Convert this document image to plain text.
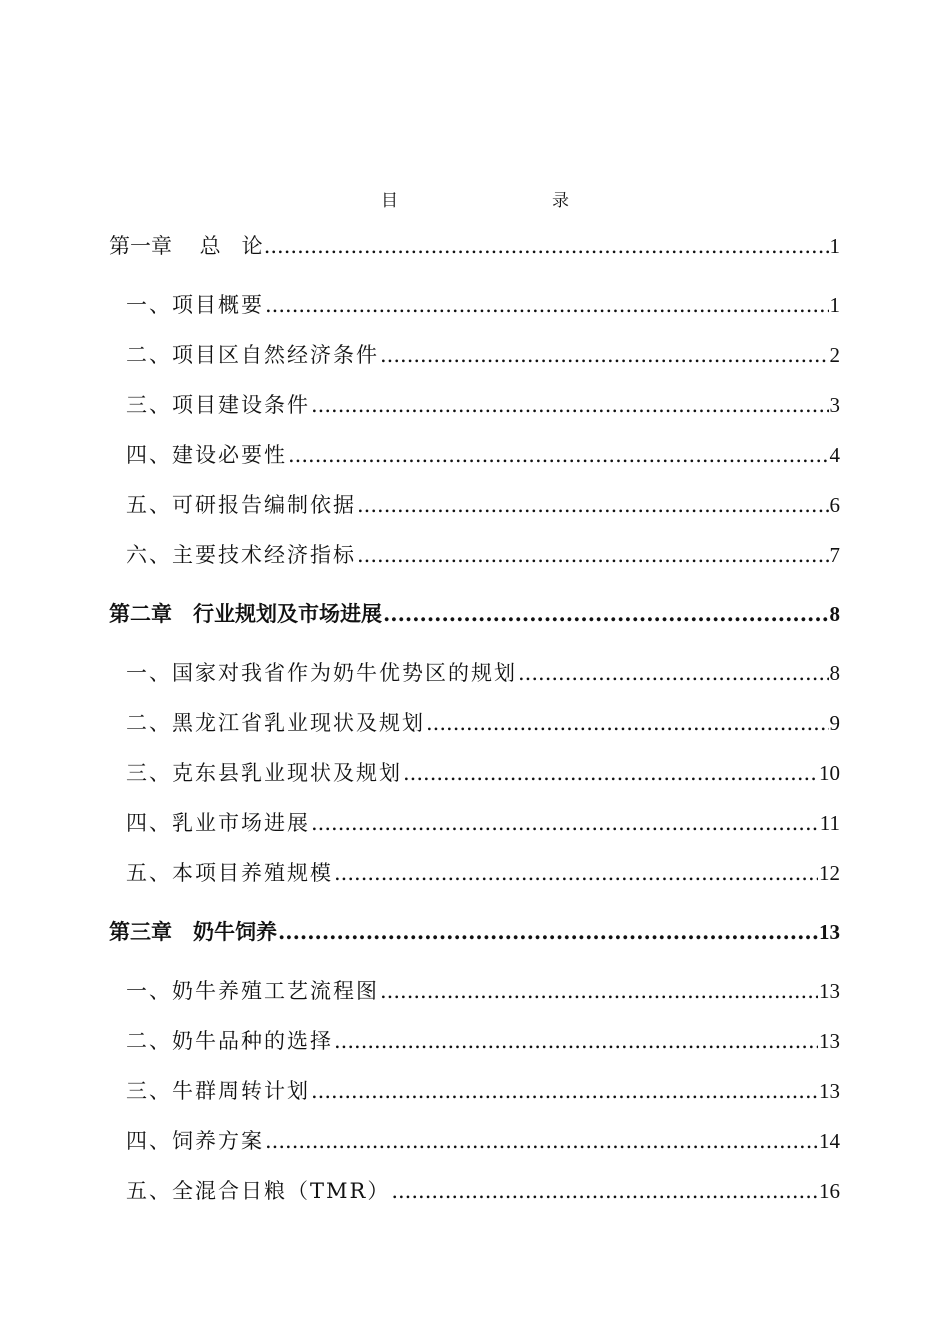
目　　录
第一章　 总　论 .....	1
一、项目概要 .....	1
二、项目区自然经济条件 .....	2
三、项目建设条件 .....	3
四、建设必要性 .....	4
五、可研报告编制依据 .....	6
六、主要技术经济指标 .....	7
第二章　行业规划及市场进展 .....	8
一、国家对我省作为奶牛优势区的规划 .....	8
二、黑龙江省乳业现状及规划 .....	9
三、克东县乳业现状及规划 .....	10
四、乳业市场进展 .....	11
五、本项目养殖规模 .....	12
第三章　奶牛饲养 .....	13
一、奶牛养殖工艺流程图 .....	13
二、奶牛品种的选择 .....	13
三、牛群周转计划 .....	13
四、饲养方案 .....	14
五、全混合日粮（TMR） .....	16
